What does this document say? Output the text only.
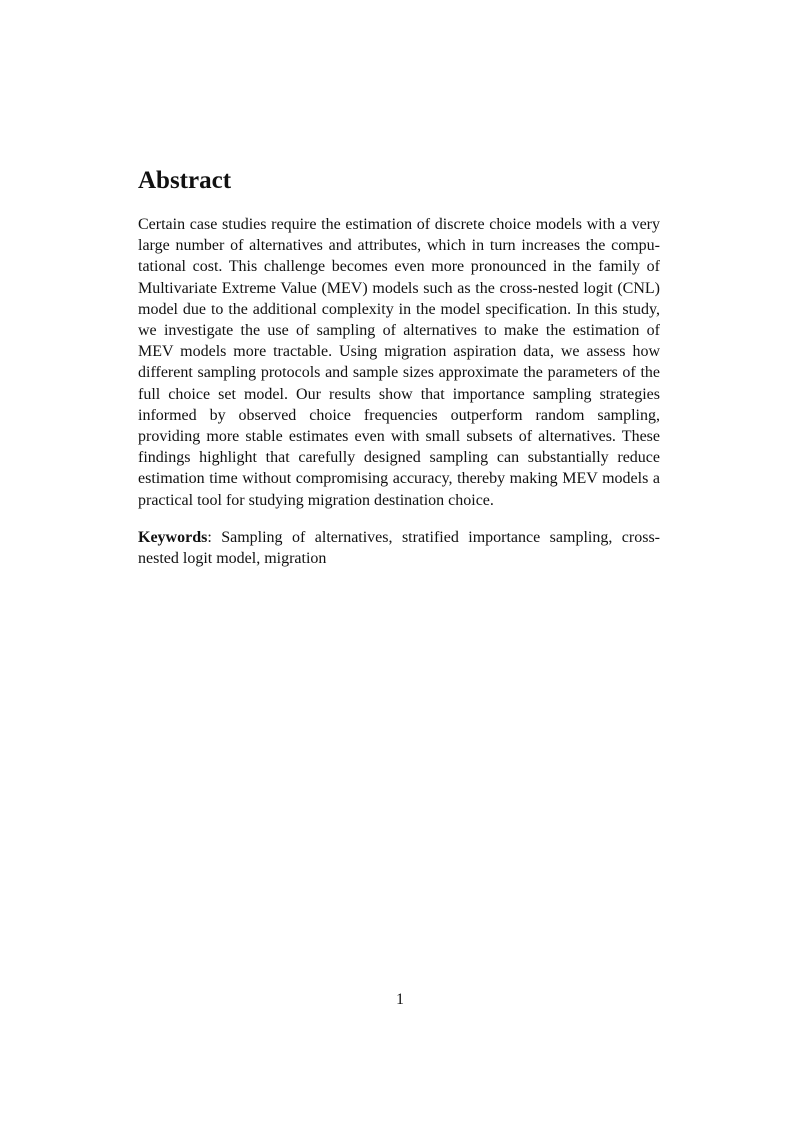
Abstract

Certain case studies require the estimation of discrete choice models with a very large number of alternatives and attributes, which in turn increases the computational cost. This challenge becomes even more pronounced in the family of Multivariate Extreme Value (MEV) models such as the cross-nested logit (CNL) model due to the additional complexity in the model specification. In this study, we investigate the use of sampling of alternatives to make the estimation of MEV models more tractable. Using migration aspiration data, we assess how different sampling protocols and sample sizes approximate the parameters of the full choice set model. Our results show that importance sampling strategies informed by observed choice frequencies outperform random sampling, providing more stable estimates even with small subsets of alternatives. These findings highlight that carefully designed sampling can substantially reduce estimation time without compromising accuracy, thereby making MEV models a practical tool for studying migration destination choice.

Keywords: Sampling of alternatives, stratified importance sampling, cross-nested logit model, migration

1
